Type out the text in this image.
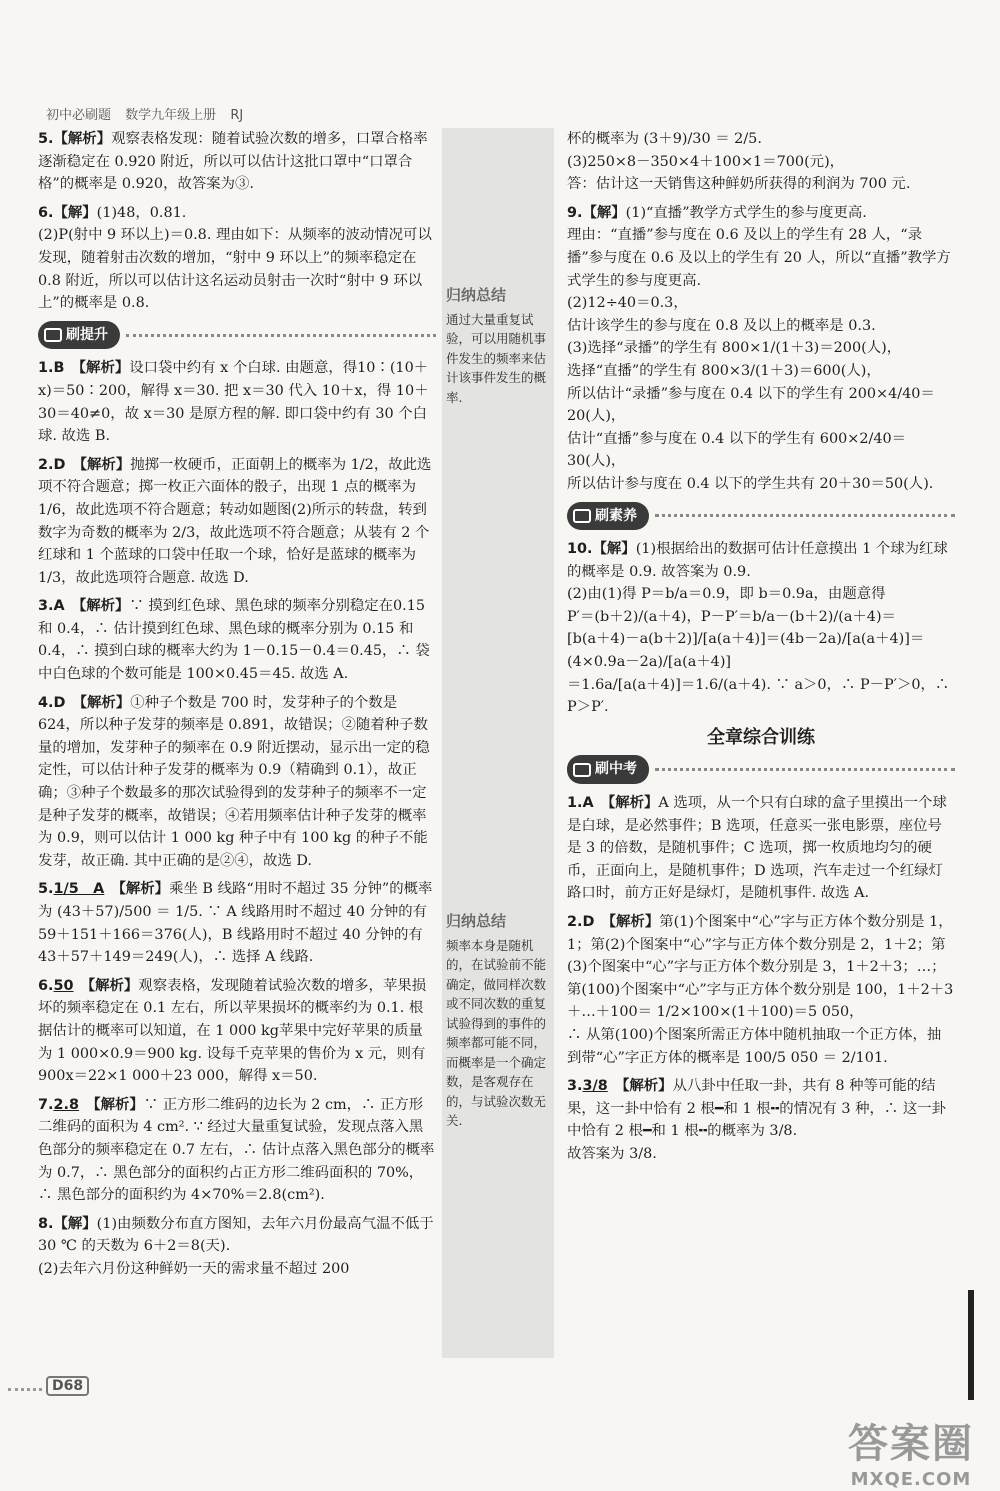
初中必刷题 数学九年级上册 RJ
归纳总结
通过大量重复试验，可以用随机事件发生的频率来估计该事件发生的概率.
归纳总结
频率本身是随机的，在试验前不能确定，做同样次数或不同次数的重复试验得到的事件的频率都可能不同，而概率是一个确定数，是客观存在的，与试验次数无关.

5.【解析】观察表格发现：随着试验次数的增多，口罩合格率逐渐稳定在 0.920 附近，所以可以估计这批口罩中“口罩合格”的概率是 0.920，故答案为③.

6.【解】(1)48，0.81.
(2)P(射中 9 环以上)＝0.8. 理由如下：从频率的波动情况可以发现，随着射击次数的增加，“射中 9 环以上”的频率稳定在 0.8 附近，所以可以估计这名运动员射击一次时“射中 9 环以上”的概率是 0.8.

刷提升

1.B　 【解析】设口袋中约有 x 个白球. 由题意，得10∶(10＋x)＝50∶200，解得 x＝30. 把 x＝30 代入 10＋x，得 10＋30＝40≠0，故 x＝30 是原方程的解. 即口袋中约有 30 个白球. 故选 B.

2.D　 【解析】抛掷一枚硬币，正面朝上的概率为 1/2，故此选项不符合题意；掷一枚正六面体的骰子，出现 1 点的概率为 1/6，故此选项不符合题意；转动如题图(2)所示的转盘，转到数字为奇数的概率为 2/3，故此选项不符合题意；从装有 2 个红球和 1 个蓝球的口袋中任取一个球，恰好是蓝球的概率为 1/3，故此选项符合题意. 故选 D.

3.A　 【解析】∵ 摸到红色球、黑色球的频率分别稳定在0.15和 0.4，∴ 估计摸到红色球、黑色球的概率分别为 0.15 和 0.4，∴ 摸到白球的概率大约为 1－0.15－0.4＝0.45，∴ 袋中白色球的个数可能是 100×0.45＝45. 故选 A.

4.D　 【解析】①种子个数是 700 时，发芽种子的个数是 624，所以种子发芽的频率是 0.891，故错误；②随着种子数量的增加，发芽种子的频率在 0.9 附近摆动，显示出一定的稳定性，可以估计种子发芽的概率为 0.9（精确到 0.1），故正确；③种子个数最多的那次试验得到的发芽种子的频率不一定是种子发芽的概率，故错误；④若用频率估计种子发芽的概率为 0.9，则可以估计 1 000 kg 种子中有 100 kg 的种子不能发芽，故正确. 其中正确的是②④，故选 D.

5.1/5　A　 【解析】乘坐 B 线路“用时不超过 35 分钟”的概率为 (43＋57)/500 ＝ 1/5. ∵ A 线路用时不超过 40 分钟的有 59＋151＋166＝376(人)，B 线路用时不超过 40 分钟的有43＋57＋149＝249(人)，∴ 选择 A 线路.

6.50　 【解析】观察表格，发现随着试验次数的增多，苹果损坏的频率稳定在 0.1 左右，所以苹果损坏的概率约为 0.1. 根据估计的概率可以知道，在 1 000 kg苹果中完好苹果的质量为 1 000×0.9＝900 kg. 设每千克苹果的售价为 x 元，则有900x＝22×1 000＋23 000，解得 x＝50.

7.2.8　 【解析】∵ 正方形二维码的边长为 2 cm，∴ 正方形二维码的面积为 4 cm². ∵ 经过大量重复试验，发现点落入黑色部分的频率稳定在 0.7 左右，∴ 估计点落入黑色部分的概率为 0.7，∴ 黑色部分的面积约占正方形二维码面积的 70%，∴ 黑色部分的面积约为 4×70%＝2.8(cm²).

8.【解】(1)由频数分布直方图知，去年六月份最高气温不低于 30 ℃ 的天数为 6＋2＝8(天).
(2)去年六月份这种鲜奶一天的需求量不超过 200

杯的概率为 (3＋9)/30 ＝ 2/5.
(3)250×8－350×4＋100×1＝700(元)，
答：估计这一天销售这种鲜奶所获得的利润为 700 元.

9.【解】(1)“直播”教学方式学生的参与度更高.
理由：“直播”参与度在 0.6 及以上的学生有 28 人，“录播”参与度在 0.6 及以上的学生有 20 人，所以“直播”教学方式学生的参与度更高.
(2)12÷40＝0.3，
估计该学生的参与度在 0.8 及以上的概率是 0.3.
(3)选择“录播”的学生有 800×1/(1＋3)＝200(人)，
选择“直播”的学生有 800×3/(1＋3)＝600(人)，
所以估计“录播”参与度在 0.4 以下的学生有 200×4/40＝20(人)，
估计“直播”参与度在 0.4 以下的学生有 600×2/40＝30(人)，
所以估计参与度在 0.4 以下的学生共有 20＋30＝50(人).

刷素养

10.【解】(1)根据给出的数据可估计任意摸出 1 个球为红球的概率是 0.9. 故答案为 0.9.
(2)由(1)得 P＝b/a＝0.9，即 b＝0.9a，由题意得
P′＝(b＋2)/(a＋4)，P－P′＝b/a－(b＋2)/(a＋4)＝
[b(a＋4)－a(b＋2)]/[a(a＋4)]＝(4b－2a)/[a(a＋4)]＝(4×0.9a－2a)/[a(a＋4)]
＝1.6a/[a(a＋4)]＝1.6/(a＋4). ∵ a＞0，∴ P－P′＞0，∴ P＞P′.

全章综合训练
刷中考

1.A　 【解析】A 选项，从一个只有白球的盒子里摸出一个球是白球，是必然事件；B 选项，任意买一张电影票，座位号是 3 的倍数，是随机事件；C 选项，掷一枚质地均匀的硬币，正面向上，是随机事件；D 选项，汽车走过一个红绿灯路口时，前方正好是绿灯，是随机事件. 故选 A.

2.D　 【解析】第(1)个图案中“心”字与正方体个数分别是 1，1；第(2)个图案中“心”字与正方体个数分别是 2，1＋2；第(3)个图案中“心”字与正方体个数分别是 3，1＋2＋3；…；第(100)个图案中“心”字与正方体个数分别是 100，1＋2＋3＋…＋100＝ 1/2×100×(1＋100)＝5 050，
∴ 从第(100)个图案所需正方体中随机抽取一个正方体，抽到带“心”字正方体的概率是 100/5 050 ＝ 2/101.

3.3/8　 【解析】从八卦中任取一卦，共有 8 种等可能的结果，这一卦中恰有 2 根━和 1 根╍的情况有 3 种，∴ 这一卦中恰有 2 根━和 1 根╍的概率为 3/8.
故答案为 3/8.

D68
答案圈
MXQE.COM
